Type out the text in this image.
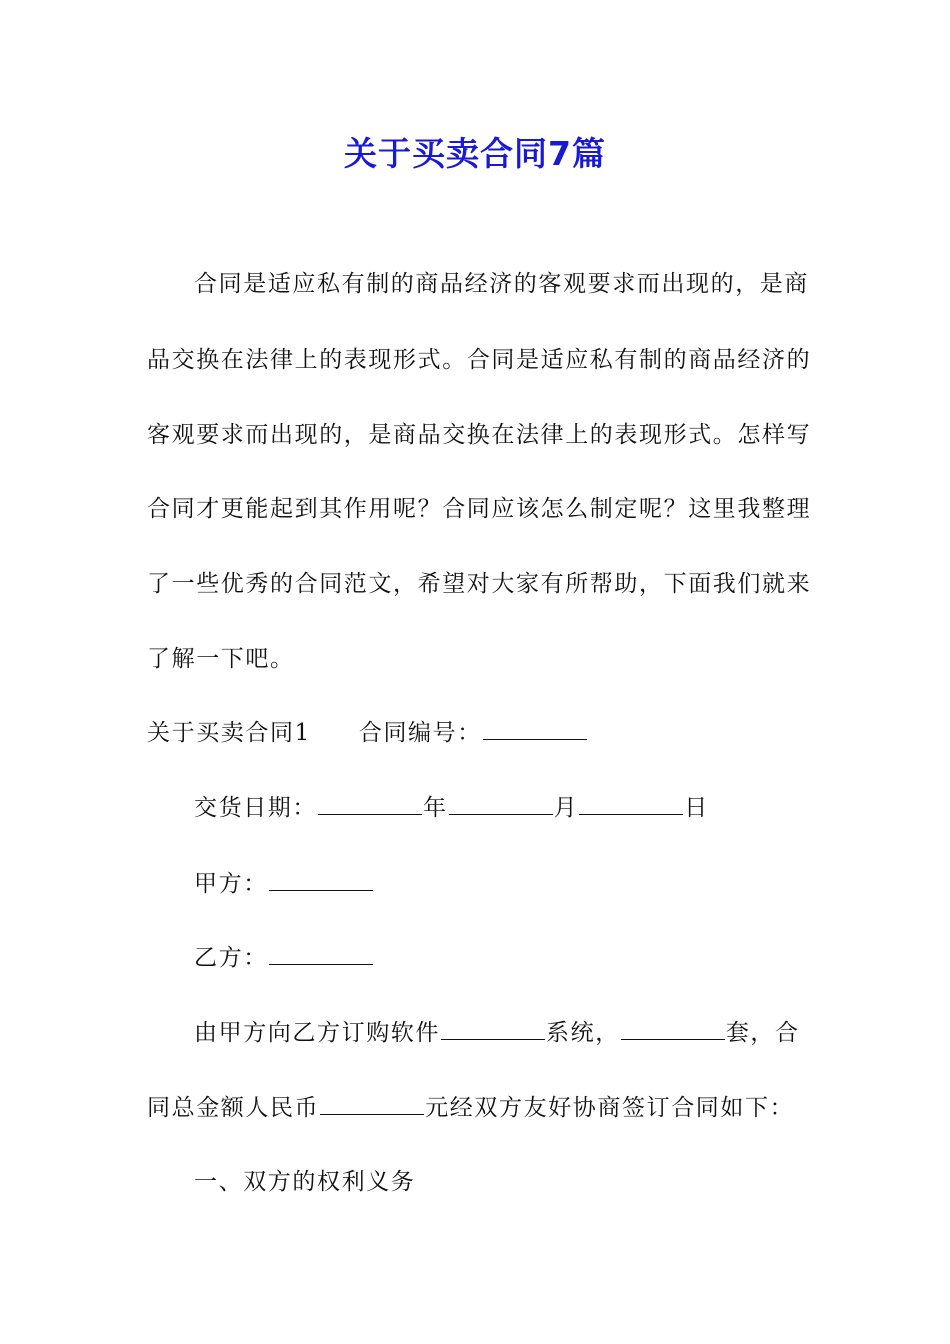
关于买卖合同7篇
合同是适应私有制的商品经济的客观要求而出现的，是商
品交换在法律上的表现形式。合同是适应私有制的商品经济的
客观要求而出现的，是商品交换在法律上的表现形式。怎样写
合同才更能起到其作用呢？合同应该怎么制定呢？这里我整理
了一些优秀的合同范文，希望对大家有所帮助，下面我们就来
了解一下吧。
关于买卖合同1 合同编号：
交货日期：	年	月	日
甲方：
乙方：
由甲方向乙方订购软件	系统，	套，合
同总金额人民币	元经双方友好协商签订合同如下：
一、双方的权利义务
